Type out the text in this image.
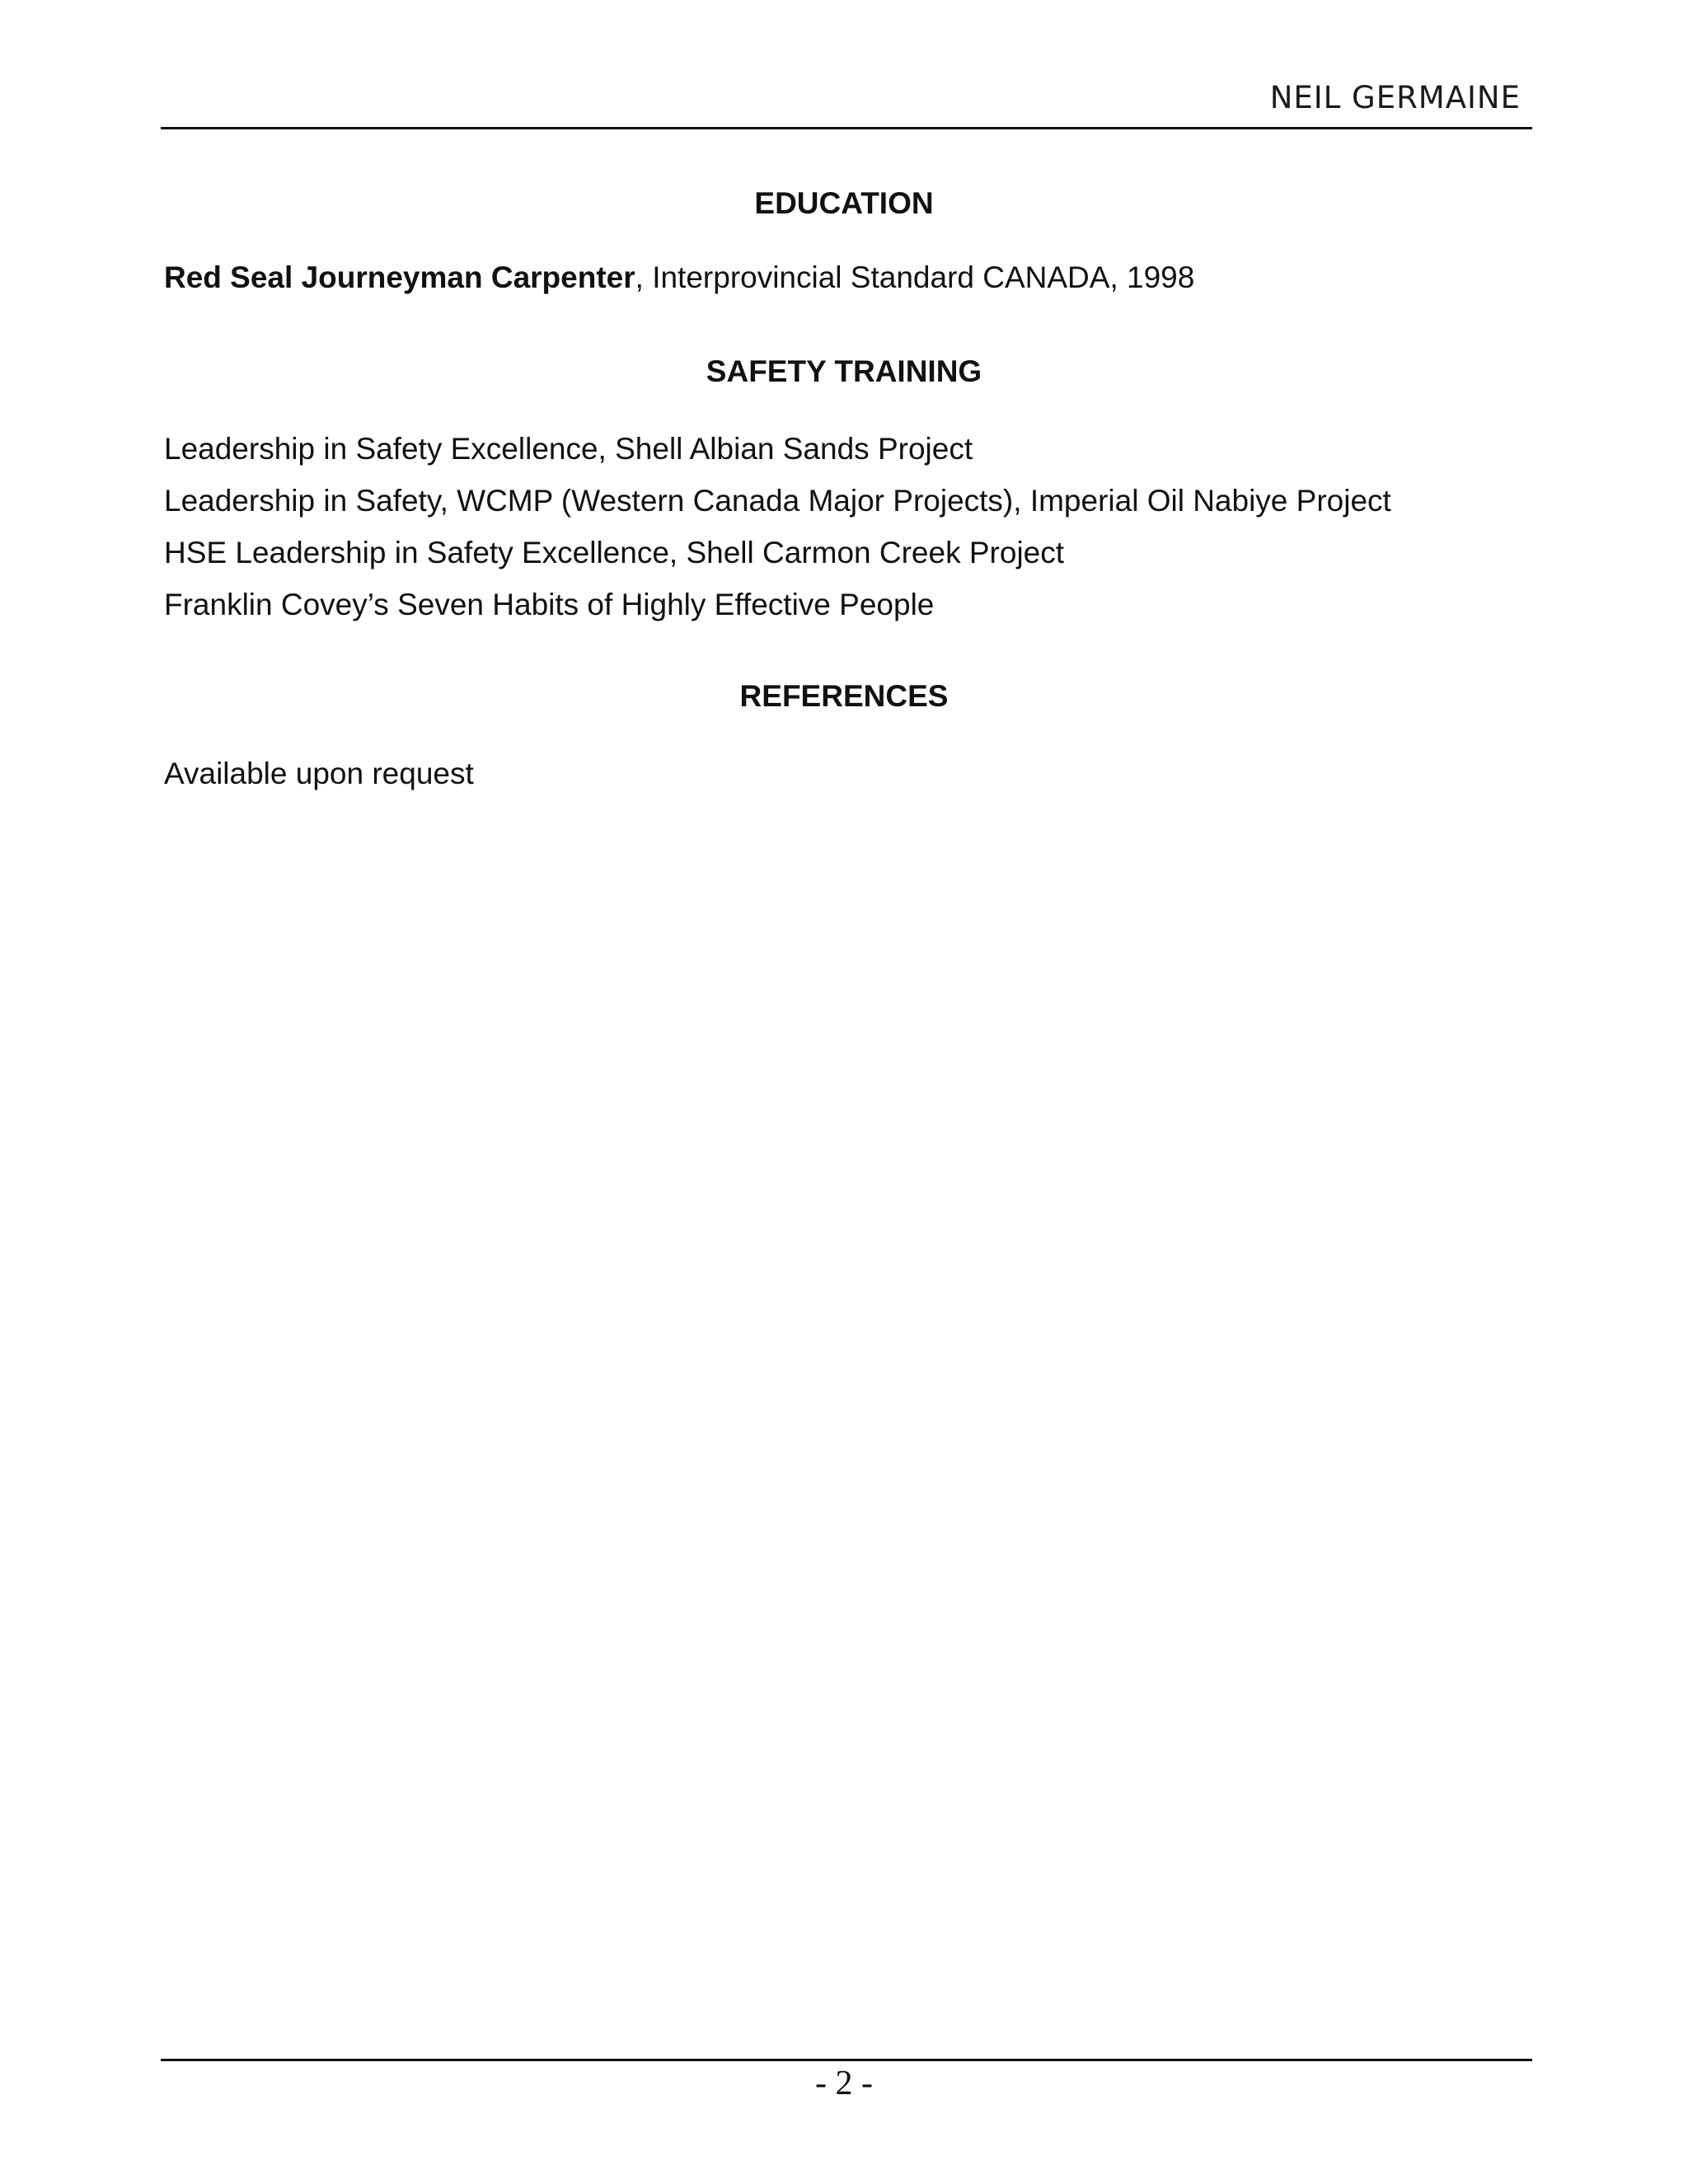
NEIL GERMAINE
EDUCATION
Red Seal Journeyman Carpenter, Interprovincial Standard CANADA, 1998
SAFETY TRAINING
Leadership in Safety Excellence, Shell Albian Sands Project
Leadership in Safety, WCMP (Western Canada Major Projects), Imperial Oil Nabiye Project
HSE Leadership in Safety Excellence, Shell Carmon Creek Project
Franklin Covey’s Seven Habits of Highly Effective People
REFERENCES
Available upon request
- 2 -
